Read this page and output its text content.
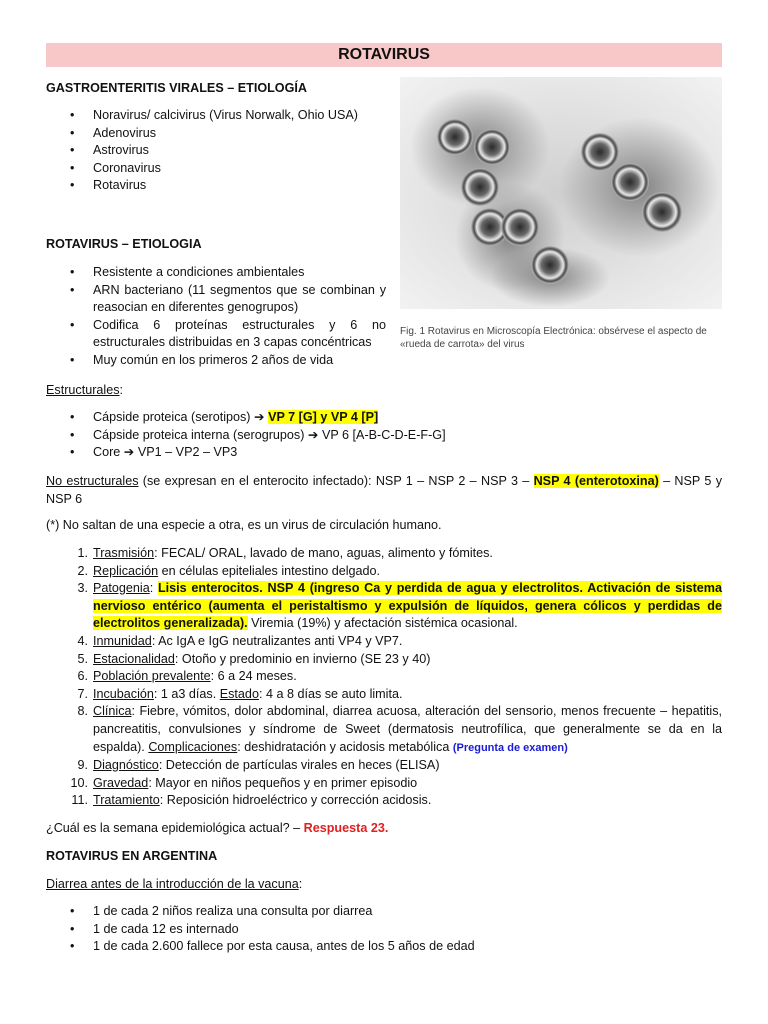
ROTAVIRUS
GASTROENTERITIS VIRALES – ETIOLOGÍA
• Noravirus/ calcivirus (Virus Norwalk, Ohio USA)
• Adenovirus
• Astrovirus
• Coronavirus
• Rotavirus
ROTAVIRUS – ETIOLOGIA
• Resistente a condiciones ambientales
• ARN bacteriano (11 segmentos que se combinan y reasocian en diferentes genogrupos)
• Codifica 6 proteínas estructurales y 6 no estructurales distribuidas en 3 capas concéntricas
• Muy común en los primeros 2 años de vida
Fig. 1 Rotavirus en Microscopía Electrónica: obsérvese el aspecto de «rueda de carrota» del virus
Estructurales:
• Cápside proteica (serotipos) ➔ VP 7 [G] y VP 4 [P]
• Cápside proteica interna (serogrupos) ➔ VP 6 [A-B-C-D-E-F-G]
• Core ➔ VP1 – VP2 – VP3
No estructurales (se expresan en el enterocito infectado): NSP 1 – NSP 2 – NSP 3 – NSP 4 (enterotoxina) – NSP 5 y NSP 6
(*) No saltan de una especie a otra, es un virus de circulación humano.
1. Trasmisión: FECAL/ ORAL, lavado de mano, aguas, alimento y fómites.
2. Replicación en células epiteliales intestino delgado.
3. Patogenia: Lisis enterocitos. NSP 4 (ingreso Ca y perdida de agua y electrolitos. Activación de sistema nervioso entérico (aumenta el peristaltismo y expulsión de líquidos, genera cólicos y perdidas de electrolitos generalizada). Viremia (19%) y afectación sistémica ocasional.
4. Inmunidad: Ac IgA e IgG neutralizantes anti VP4 y VP7.
5. Estacionalidad: Otoño y predominio en invierno (SE 23 y 40)
6. Población prevalente: 6 a 24 meses.
7. Incubación: 1 a3 días. Estado: 4 a 8 días se auto limita.
8. Clínica: Fiebre, vómitos, dolor abdominal, diarrea acuosa, alteración del sensorio, menos frecuente – hepatitis, pancreatitis, convulsiones y síndrome de Sweet (dermatosis neutrofílica, que generalmente se da en la espalda). Complicaciones: deshidratación y acidosis metabólica (Pregunta de examen)
9. Diagnóstico: Detección de partículas virales en heces (ELISA)
10. Gravedad: Mayor en niños pequeños y en primer episodio
11. Tratamiento: Reposición hidroeléctrico y corrección acidosis.
¿Cuál es la semana epidemiológica actual? – Respuesta 23.
ROTAVIRUS EN ARGENTINA
Diarrea antes de la introducción de la vacuna:
• 1 de cada 2 niños realiza una consulta por diarrea
• 1 de cada 12 es internado
• 1 de cada 2.600 fallece por esta causa, antes de los 5 años de edad
